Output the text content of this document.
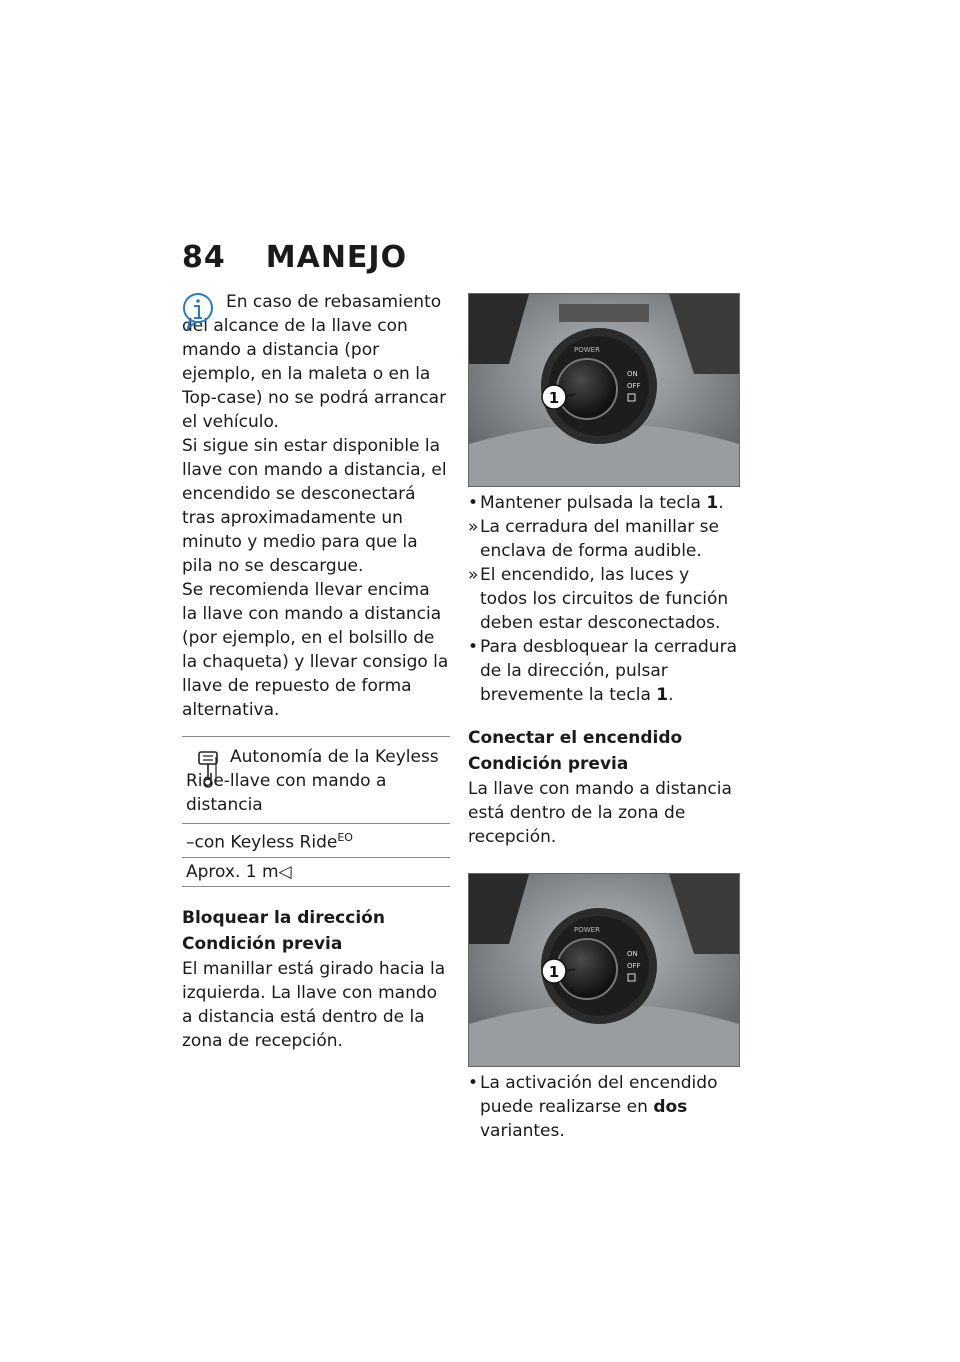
84 MANEJO

En caso de rebasamiento del alcance de la llave con mando a distancia (por ejemplo, en la maleta o en la Top-case) no se podrá arrancar el vehículo.

Si sigue sin estar disponible la llave con mando a distancia, el encendido se desconectará tras aproximadamente un minuto y medio para que la pila no se descargue.

Se recomienda llevar encima la llave con mando a distancia (por ejemplo, en el bolsillo de la chaqueta) y llevar consigo la llave de repuesto de forma alternativa.

Autonomía de la Keyless Ride-llave con mando a distancia

–con Keyless Ride$^{EO}$
Aprox. 1 m◁
Bloquear la dirección
Condición previa

El manillar está girado hacia la izquierda. La llave con mando a distancia está dentro de la zona de recepción.

POWER
ON
OFF
1
• Mantener pulsada la tecla 1.
» La cerradura del manillar se enclava de forma audible.
» El encendido, las luces y todos los circuitos de función deben estar desconectados.
• Para desbloquear la cerradura de la dirección, pulsar brevemente la tecla 1.
Conectar el encendido
Condición previa

La llave con mando a distancia está dentro de la zona de recepción.

POWER
ON
OFF
1
• La activación del encendido puede realizarse en dos variantes.
